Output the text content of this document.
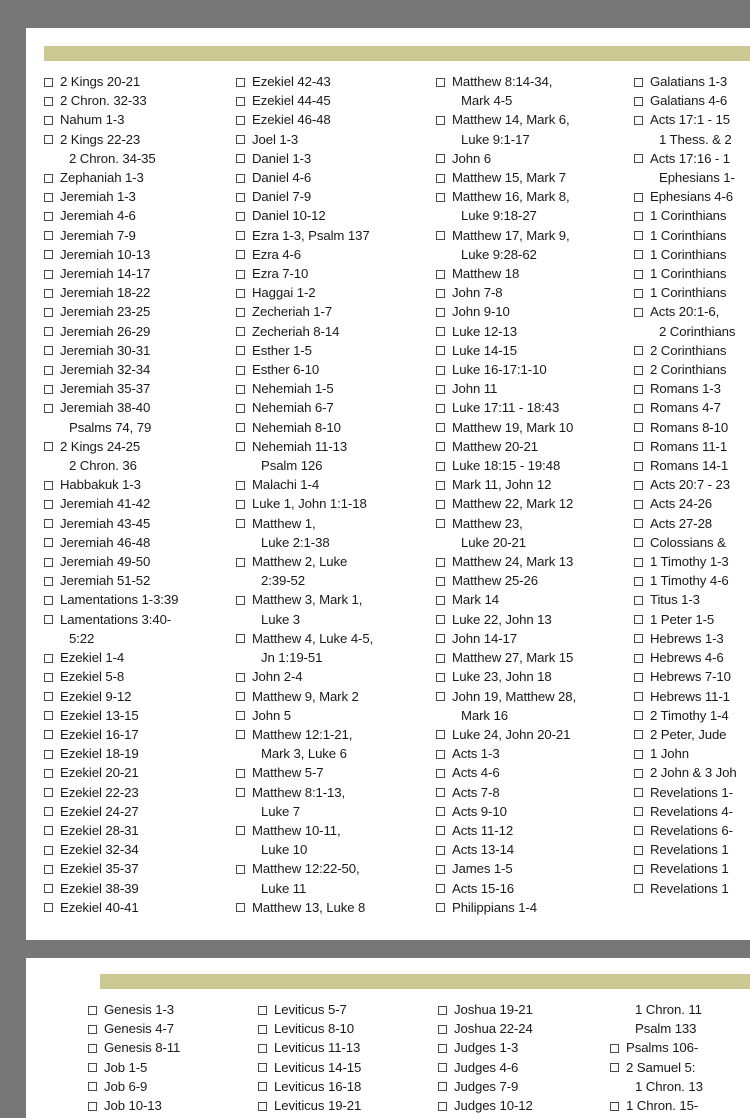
2 Kings 20-21
2 Chron. 32-33
Nahum 1-3
2 Kings 22-23
2 Chron. 34-35
Zephaniah 1-3
Jeremiah 1-3
Jeremiah 4-6
Jeremiah 7-9
Jeremiah 10-13
Jeremiah 14-17
Jeremiah 18-22
Jeremiah 23-25
Jeremiah 26-29
Jeremiah 30-31
Jeremiah 32-34
Jeremiah 35-37
Jeremiah 38-40
Psalms 74, 79
2 Kings 24-25
2 Chron. 36
Habbakuk 1-3
Jeremiah 41-42
Jeremiah 43-45
Jeremiah 46-48
Jeremiah 49-50
Jeremiah 51-52
Lamentations 1-3:39
Lamentations 3:40-
5:22
Ezekiel 1-4
Ezekiel 5-8
Ezekiel 9-12
Ezekiel 13-15
Ezekiel 16-17
Ezekiel 18-19
Ezekiel 20-21
Ezekiel 22-23
Ezekiel 24-27
Ezekiel 28-31
Ezekiel 32-34
Ezekiel 35-37
Ezekiel 38-39
Ezekiel 40-41
Ezekiel 42-43
Ezekiel 44-45
Ezekiel 46-48
Joel 1-3
Daniel 1-3
Daniel 4-6
Daniel 7-9
Daniel 10-12
Ezra 1-3, Psalm 137
Ezra 4-6
Ezra 7-10
Haggai 1-2
Zecheriah 1-7
Zecheriah 8-14
Esther 1-5
Esther 6-10
Nehemiah 1-5
Nehemiah 6-7
Nehemiah 8-10
Nehemiah 11-13
Psalm 126
Malachi 1-4
Luke 1, John 1:1-18
Matthew 1,
Luke 2:1-38
Matthew 2, Luke
2:39-52
Matthew 3, Mark 1,
Luke 3
Matthew 4, Luke 4-5,
Jn 1:19-51
John 2-4
Matthew 9, Mark 2
John 5
Matthew 12:1-21,
Mark 3, Luke 6
Matthew 5-7
Matthew 8:1-13,
Luke 7
Matthew 10-11,
Luke 10
Matthew 12:22-50,
Luke 11
Matthew 13, Luke 8
Matthew 8:14-34,
Mark 4-5
Matthew 14, Mark 6,
Luke 9:1-17
John 6
Matthew 15, Mark 7
Matthew 16, Mark 8,
Luke 9:18-27
Matthew 17, Mark 9,
Luke 9:28-62
Matthew 18
John 7-8
John 9-10
Luke 12-13
Luke 14-15
Luke 16-17:1-10
John 11
Luke 17:11 - 18:43
Matthew 19, Mark 10
Matthew 20-21
Luke 18:15 - 19:48
Mark 11, John 12
Matthew 22, Mark 12
Matthew 23,
Luke 20-21
Matthew 24, Mark 13
Matthew 25-26
Mark 14
Luke 22, John 13
John 14-17
Matthew 27, Mark 15
Luke 23, John 18
John 19, Matthew 28,
Mark 16
Luke 24, John 20-21
Acts 1-3
Acts 4-6
Acts 7-8
Acts 9-10
Acts 11-12
Acts 13-14
James 1-5
Acts 15-16
Philippians 1-4
Galatians 1-3
Galatians 4-6
Acts 17:1 - 15
1 Thess. & 2
Acts 17:16 - 1
Ephesians 1-
Ephesians 4-6
1 Corinthians
1 Corinthians
1 Corinthians
1 Corinthians
1 Corinthians
Acts 20:1-6,
2 Corinthians
2 Corinthians
2 Corinthians
Romans 1-3
Romans 4-7
Romans 8-10
Romans 11-1
Romans 14-1
Acts 20:7 - 23
Acts 24-26
Acts 27-28
Colossians &
1 Timothy 1-3
1 Timothy 4-6
Titus 1-3
1 Peter 1-5
Hebrews 1-3
Hebrews 4-6
Hebrews 7-10
Hebrews 11-1
2 Timothy 1-4
2 Peter, Jude
1 John
2 John & 3 Joh
Revelations 1-
Revelations 4-
Revelations 6-
Revelations 1
Revelations 1
Revelations 1
Genesis 1-3
Genesis 4-7
Genesis 8-11
Job 1-5
Job 6-9
Job 10-13
Leviticus 5-7
Leviticus 8-10
Leviticus 11-13
Leviticus 14-15
Leviticus 16-18
Leviticus 19-21
Joshua 19-21
Joshua 22-24
Judges 1-3
Judges 4-6
Judges 7-9
Judges 10-12
1 Chron. 11
Psalm 133
Psalms 106-
2 Samuel 5:
1 Chron. 13
1 Chron. 15-
